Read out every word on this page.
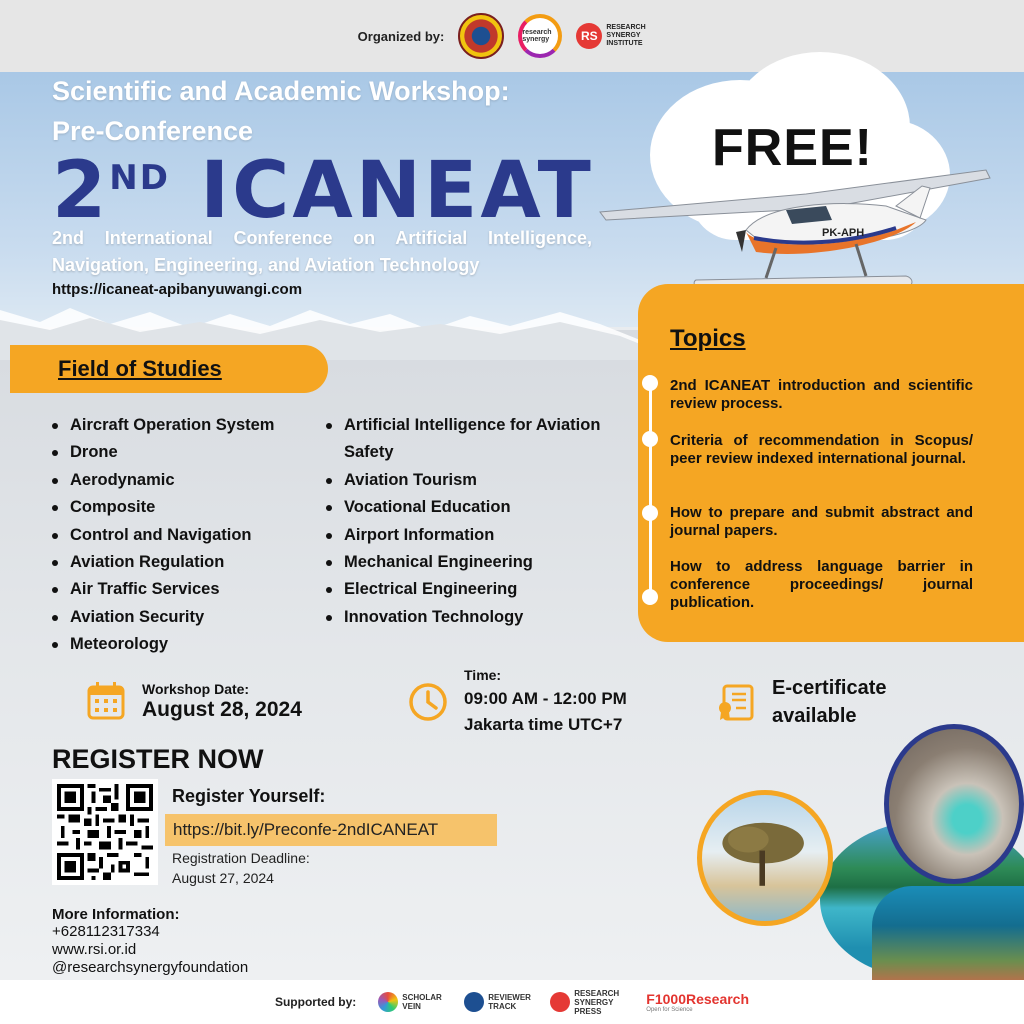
Organized by:	research synergy	RS
RESEARCH SYNERGY INSTITUTE
FREE!
Scientific and Academic Workshop:
Pre-Conference
2ND ICANEAT
2nd International Conference on Artificial Intelligence, Navigation, Engineering, and Aviation Technology
https://icaneat-apibanyuwangi.com
PK-APH
Field of Studies
Aircraft Operation System
Drone
Aerodynamic
Composite
Control and Navigation
Aviation Regulation
Air Traffic Services
Aviation Security
Meteorology
Artificial Intelligence for Aviation Safety
Aviation Tourism
Vocational Education
Airport Information
Mechanical Engineering
Electrical Engineering
Innovation Technology
Topics
2nd ICANEAT introduction and scientific review process.
Criteria of recommendation in Scopus/ peer review indexed international journal.
How to prepare and submit abstract and journal papers.
How to address language barrier in conference proceedings/ journal publication.
Workshop Date:
August 28, 2024
Time:
09:00 AM - 12:00 PM
Jakarta time UTC+7
E-certificate
available
REGISTER NOW
Register Yourself:
https://bit.ly/Preconfe-2ndICANEAT
Registration Deadline:
August 27, 2024
More Information:
+628112317334
www.rsi.or.id
@researchsynergyfoundation
Supported by:	SCHOLAR VEIN
REVIEWER TRACK
RESEARCH SYNERGY PRESS
F1000Research
Open for Science
